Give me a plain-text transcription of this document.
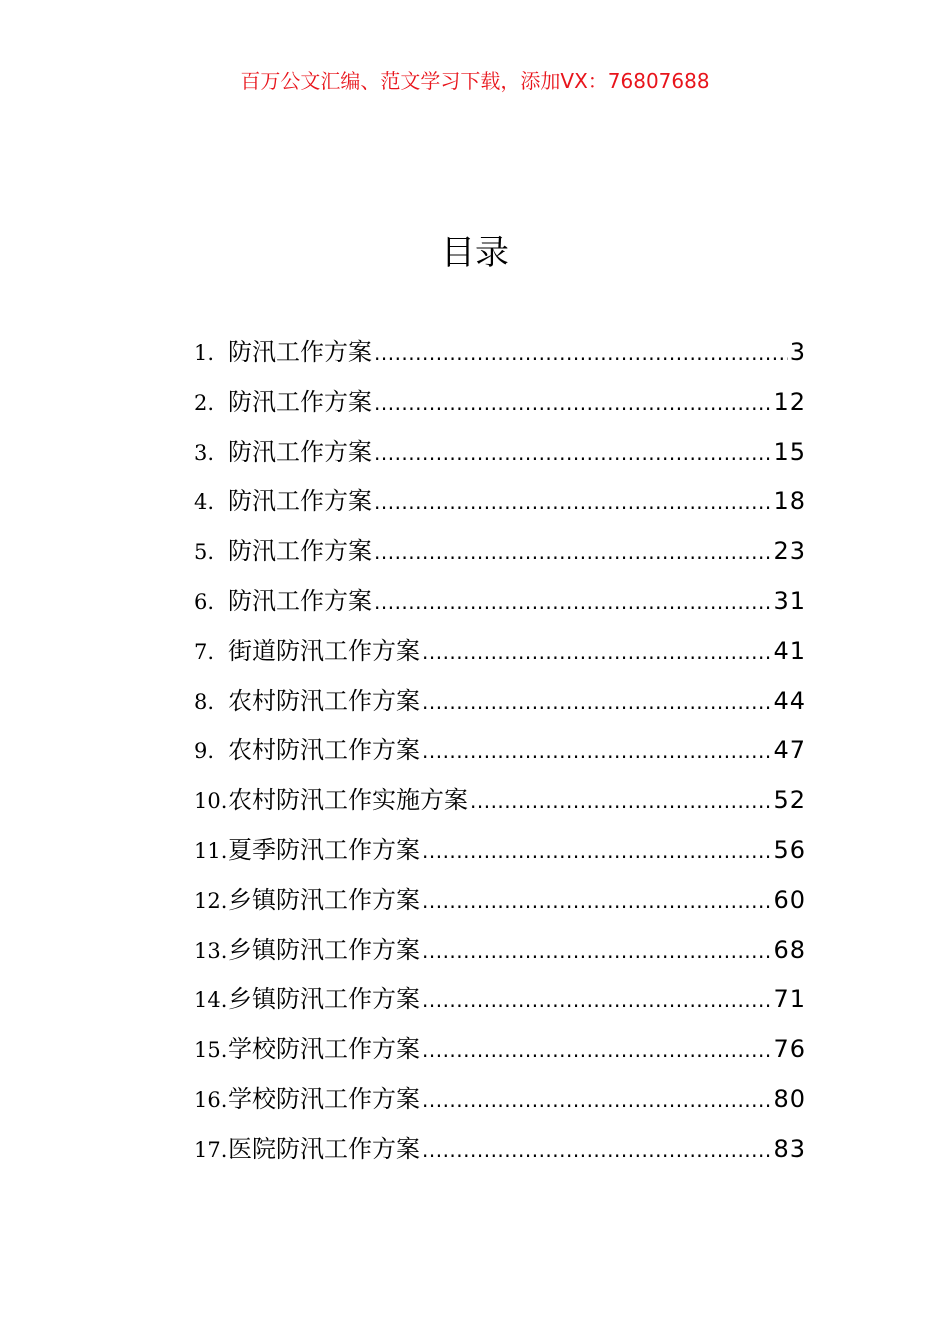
百万公文汇编、范文学习下载，添加VX：76807688
目录
1. 防汛工作方案 .....	3
2. 防汛工作方案 .....	12
3. 防汛工作方案 .....	15
4. 防汛工作方案 .....	18
5. 防汛工作方案 .....	23
6. 防汛工作方案 .....	31
7. 街道防汛工作方案 .....	41
8. 农村防汛工作方案 .....	44
9. 农村防汛工作方案 .....	47
10. 农村防汛工作实施方案 .....	52
11. 夏季防汛工作方案 .....	56
12. 乡镇防汛工作方案 .....	60
13. 乡镇防汛工作方案 .....	68
14. 乡镇防汛工作方案 .....	71
15. 学校防汛工作方案 .....	76
16. 学校防汛工作方案 .....	80
17. 医院防汛工作方案 .....	83
